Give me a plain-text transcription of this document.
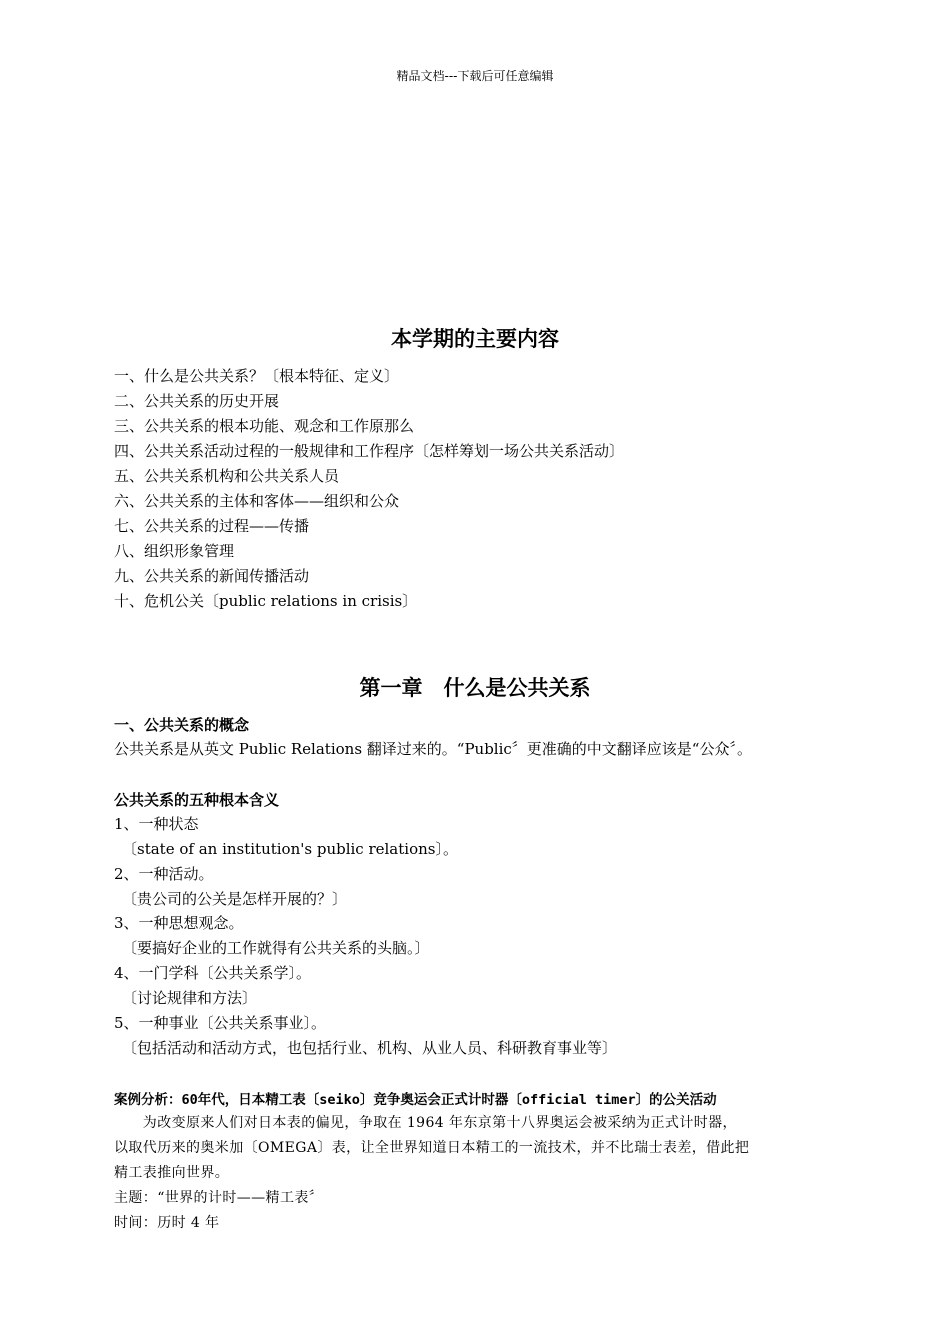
精品文档---下载后可任意编辑
本学期的主要内容
一、什么是公共关系？〔根本特征、定义〕
二、公共关系的历史开展
三、公共关系的根本功能、观念和工作原那么
四、公共关系活动过程的一般规律和工作程序〔怎样筹划一场公共关系活动〕
五、公共关系机构和公共关系人员
六、公共关系的主体和客体——组织和公众
七、公共关系的过程——传播
八、组织形象管理
九、公共关系的新闻传播活动
十、危机公关〔public relations in crisis〕
第一章　什么是公共关系
一、公共关系的概念
公共关系是从英文 Public Relations 翻译过来的。“Public〞更准确的中文翻译应该是“公众〞。
公共关系的五种根本含义
1、一种状态
〔state of an institution's public relations〕。
2、一种活动。
〔贵公司的公关是怎样开展的？〕
3、一种思想观念。
〔要搞好企业的工作就得有公共关系的头脑。〕
4、一门学科〔公共关系学〕。
〔讨论规律和方法〕
5、一种事业〔公共关系事业〕。
〔包括活动和活动方式，也包括行业、机构、从业人员、科研教育事业等〕
案例分析：60年代，日本精工表〔seiko〕竞争奥运会正式计时器〔official timer〕的公关活动
　　为改变原来人们对日本表的偏见，争取在 1964 年东京第十八界奥运会被采纳为正式计时器，
以取代历来的奥米加〔OMEGA〕表，让全世界知道日本精工的一流技术，并不比瑞士表差，借此把
精工表推向世界。
主题：“世界的计时——精工表〞
时间：历时 4 年
